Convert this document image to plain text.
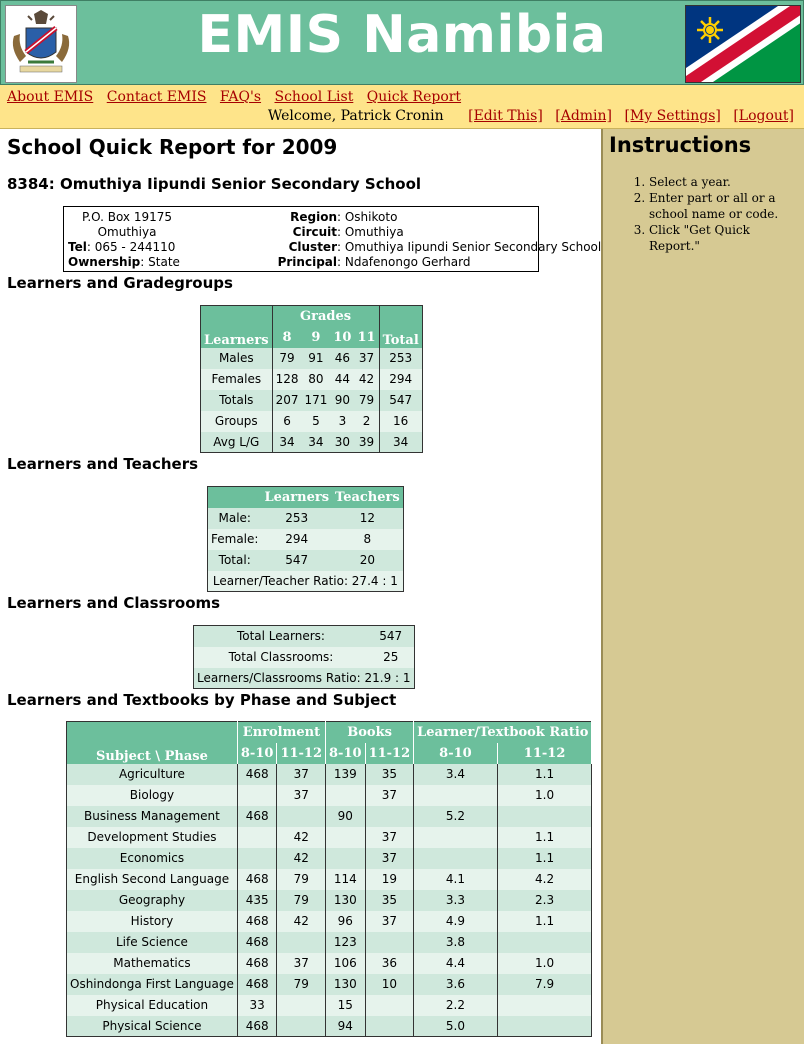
EMIS Namibia
About EMIS Contact EMIS FAQ's School List Quick Report
Welcome, Patrick Cronin [Edit This] [Admin] [My Settings] [Logout]
School Quick Report for 2009
8384: Omuthiya Iipundi Senior Secondary School
P.O. Box 19175
Omuthiya
Tel: 065 - 244110
Ownership: State
Region: Oshikoto
Circuit: Omuthiya
Cluster: Omuthiya Iipundi Senior Secondary School
Principal: Ndafenongo Gerhard
Learners and Gradegroups
Learners	Grades				Total
	8	9	10	11	
Males	79	91	46	37	253
Females	128	80	44	42	294
Totals	207	171	90	79	547
Groups	6	5	3	2	16
Avg L/G	34	34	30	39	34
Learners and Teachers
	Learners	Teachers
Male:	253	12
Female:	294	8
Total:	547	20
Learner/Teacher Ratio: 27.4 : 1		
Learners and Classrooms
Total Learners:	547
Total Classrooms:	25
Learners/Classrooms Ratio: 21.9 : 1	
Learners and Textbooks by Phase and Subject
Subject \ Phase	Enrolment		Books		Learner/Textbook Ratio	
	8-10	11-12	8-10	11-12	8-10	11-12
Agriculture	468	37	139	35	3.4	1.1
Biology		37		37		1.0
Business Management	468		90		5.2	
Development Studies		42		37		1.1
Economics		42		37		1.1
English Second Language	468	79	114	19	4.1	4.2
Geography	435	79	130	35	3.3	2.3
History	468	42	96	37	4.9	1.1
Life Science	468		123		3.8	
Mathematics	468	37	106	36	4.4	1.0
Oshindonga First Language	468	79	130	10	3.6	7.9
Physical Education	33		15		2.2	
Physical Science	468		94		5.0	
Instructions
1. Select a year.
2. Enter part or all or a school name or code.
3. Click "Get Quick Report."
